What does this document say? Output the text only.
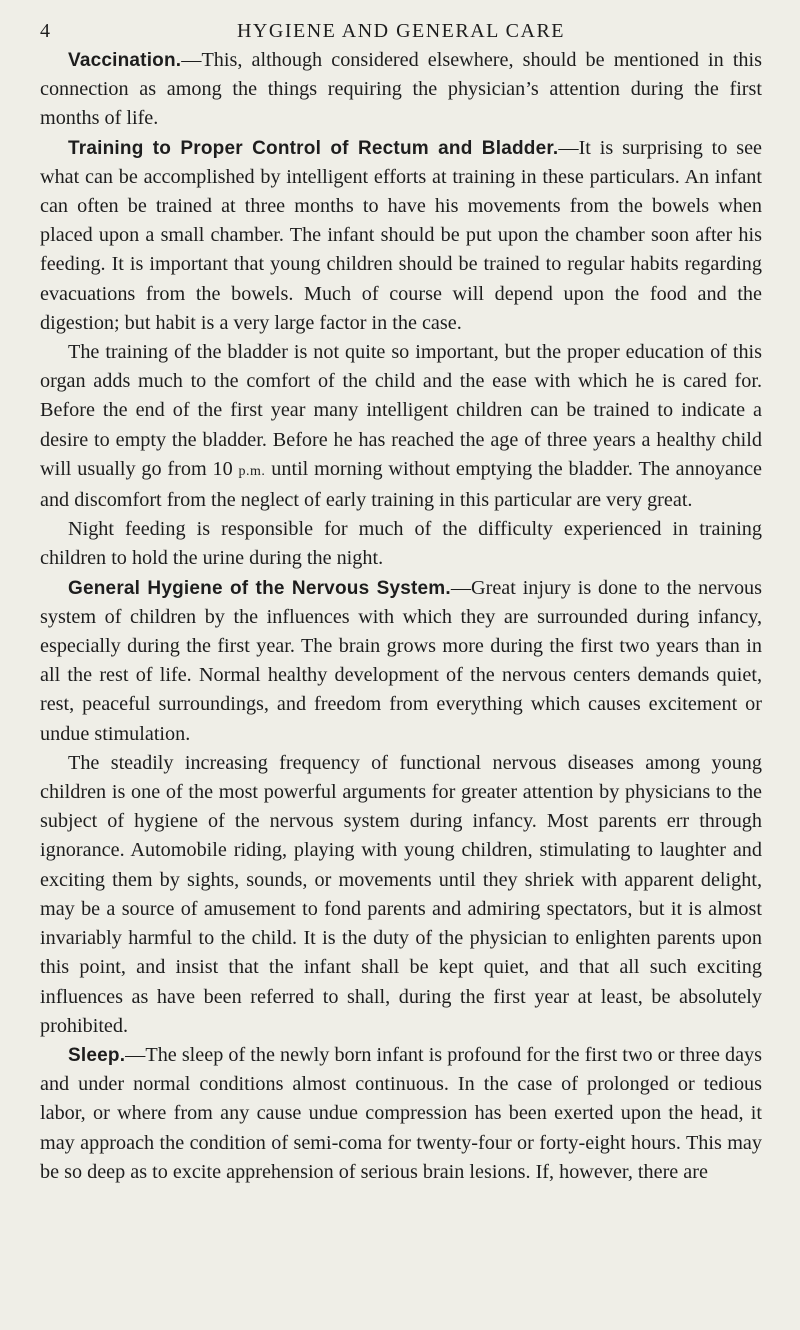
4	HYGIENE AND GENERAL CARE

Vaccination.—This, although considered elsewhere, should be mentioned in this connection as among the things requiring the physician’s attention during the first months of life.

Training to Proper Control of Rectum and Bladder.—It is surprising to see what can be accomplished by intelligent efforts at training in these particulars. An infant can often be trained at three months to have his movements from the bowels when placed upon a small chamber. The infant should be put upon the chamber soon after his feeding. It is important that young children should be trained to regular habits regarding evacuations from the bowels. Much of course will depend upon the food and the digestion; but habit is a very large factor in the case.

The training of the bladder is not quite so important, but the proper education of this organ adds much to the comfort of the child and the ease with which he is cared for. Before the end of the first year many intelligent children can be trained to indicate a desire to empty the bladder. Before he has reached the age of three years a healthy child will usually go from 10 p.m. until morning without emptying the bladder. The annoyance and discomfort from the neglect of early training in this particular are very great.

Night feeding is responsible for much of the difficulty experienced in training children to hold the urine during the night.

General Hygiene of the Nervous System.—Great injury is done to the nervous system of children by the influences with which they are surrounded during infancy, especially during the first year. The brain grows more during the first two years than in all the rest of life. Normal healthy development of the nervous centers demands quiet, rest, peaceful surroundings, and freedom from everything which causes excitement or undue stimulation.

The steadily increasing frequency of functional nervous diseases among young children is one of the most powerful arguments for greater attention by physicians to the subject of hygiene of the nervous system during infancy. Most parents err through ignorance. Automobile riding, playing with young children, stimulating to laughter and exciting them by sights, sounds, or movements until they shriek with apparent delight, may be a source of amusement to fond parents and admiring spectators, but it is almost invariably harmful to the child. It is the duty of the physician to enlighten parents upon this point, and insist that the infant shall be kept quiet, and that all such exciting influences as have been referred to shall, during the first year at least, be absolutely prohibited.

Sleep.—The sleep of the newly born infant is profound for the first two or three days and under normal conditions almost continuous. In the case of prolonged or tedious labor, or where from any cause undue compression has been exerted upon the head, it may approach the condition of semi-coma for twenty-four or forty-eight hours. This may be so deep as to excite apprehension of serious brain lesions. If, however, there are
